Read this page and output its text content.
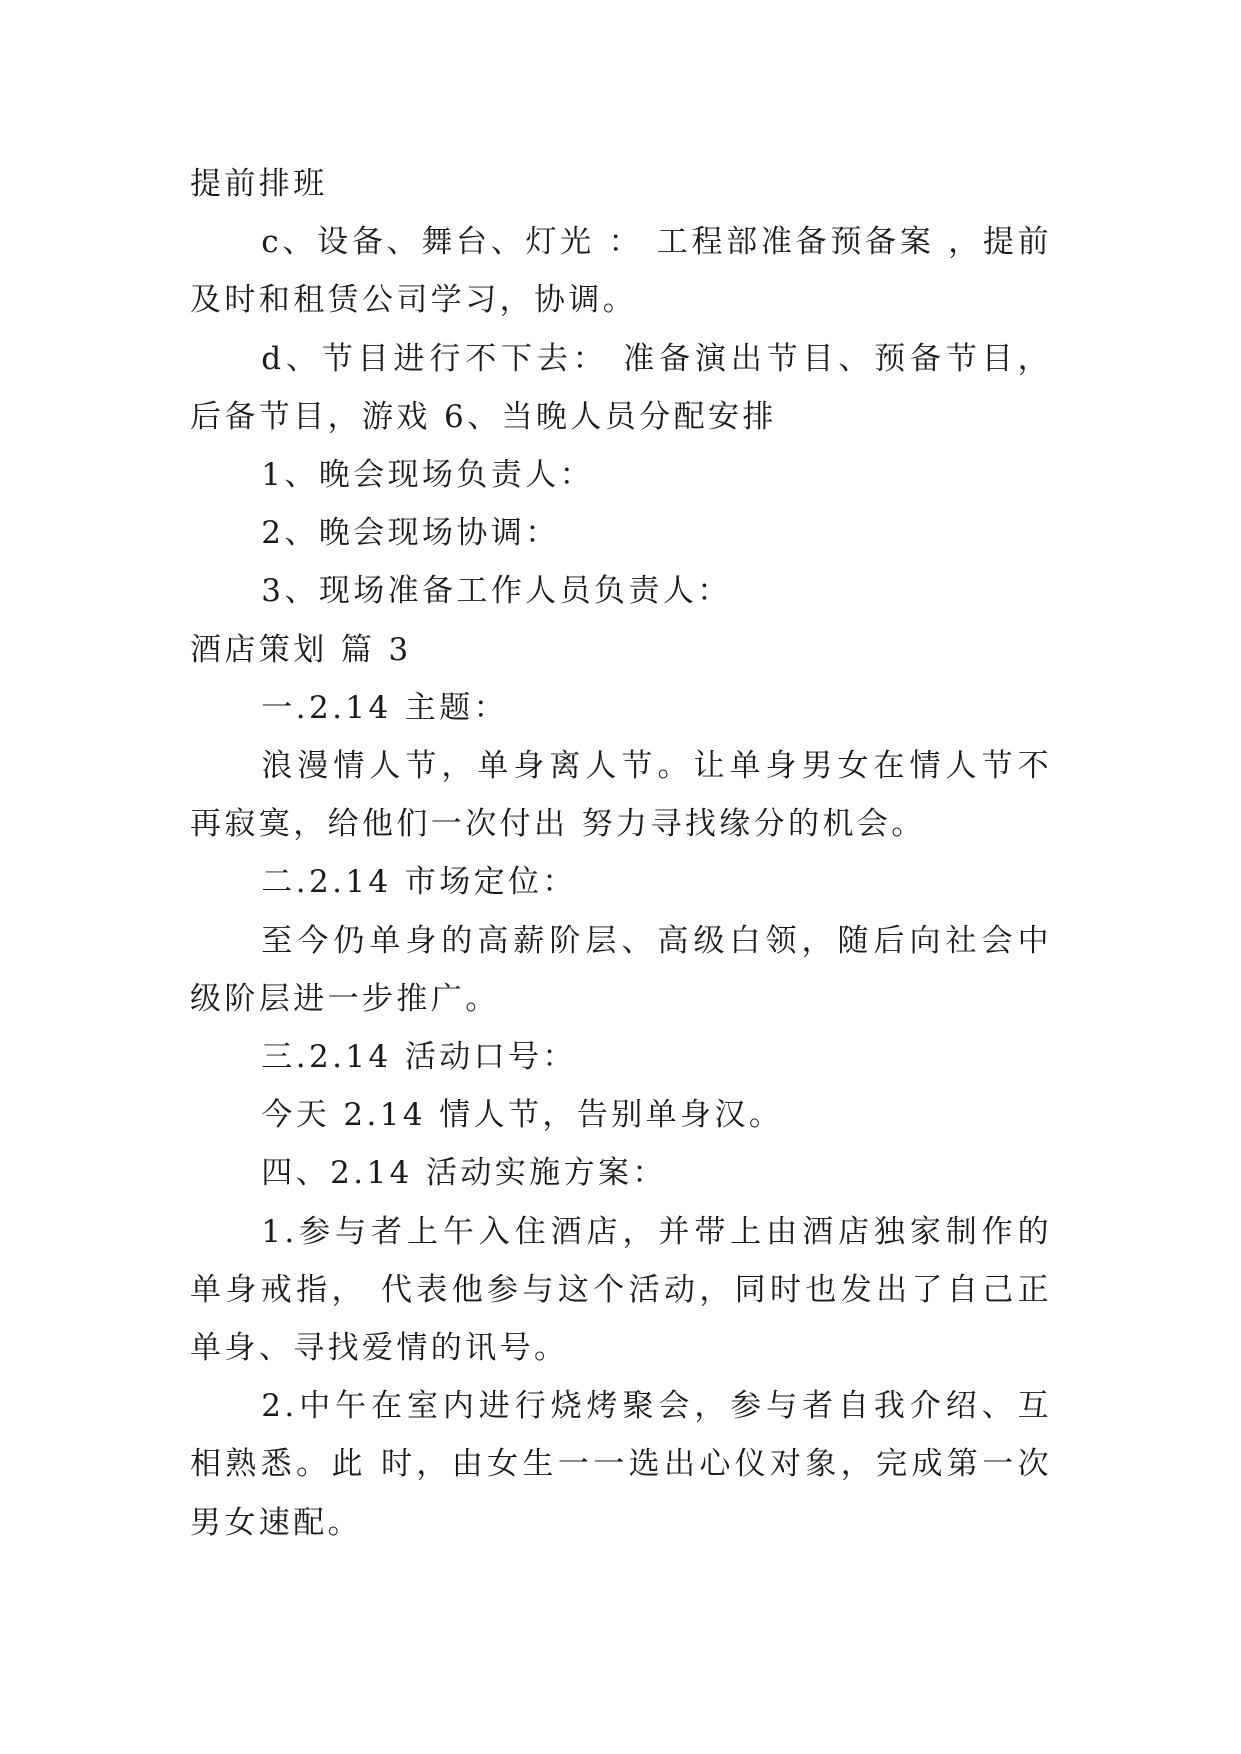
提前排班

c、设备、舞台、灯光 ： 工程部准备预备案 ，提前及时和租赁公司学习，协调。

d、节目进行不下去： 准备演出节目、预备节目，后备节目，游戏 6、当晚人员分配安排

1、晚会现场负责人：

2、晚会现场协调：

3、现场准备工作人员负责人：

酒店策划 篇 3

一.2.14 主题：

浪漫情人节，单身离人节。让单身男女在情人节不再寂寞，给他们一次付出 努力寻找缘分的机会。

二.2.14 市场定位：

至今仍单身的高薪阶层、高级白领，随后向社会中级阶层进一步推广。

三.2.14 活动口号：

今天 2.14 情人节，告别单身汉。

四、2.14 活动实施方案：

1.参与者上午入住酒店，并带上由酒店独家制作的单身戒指， 代表他参与这个活动，同时也发出了自己正单身、寻找爱情的讯号。

2.中午在室内进行烧烤聚会，参与者自我介绍、互相熟悉。此 时，由女生一一选出心仪对象，完成第一次男女速配。
